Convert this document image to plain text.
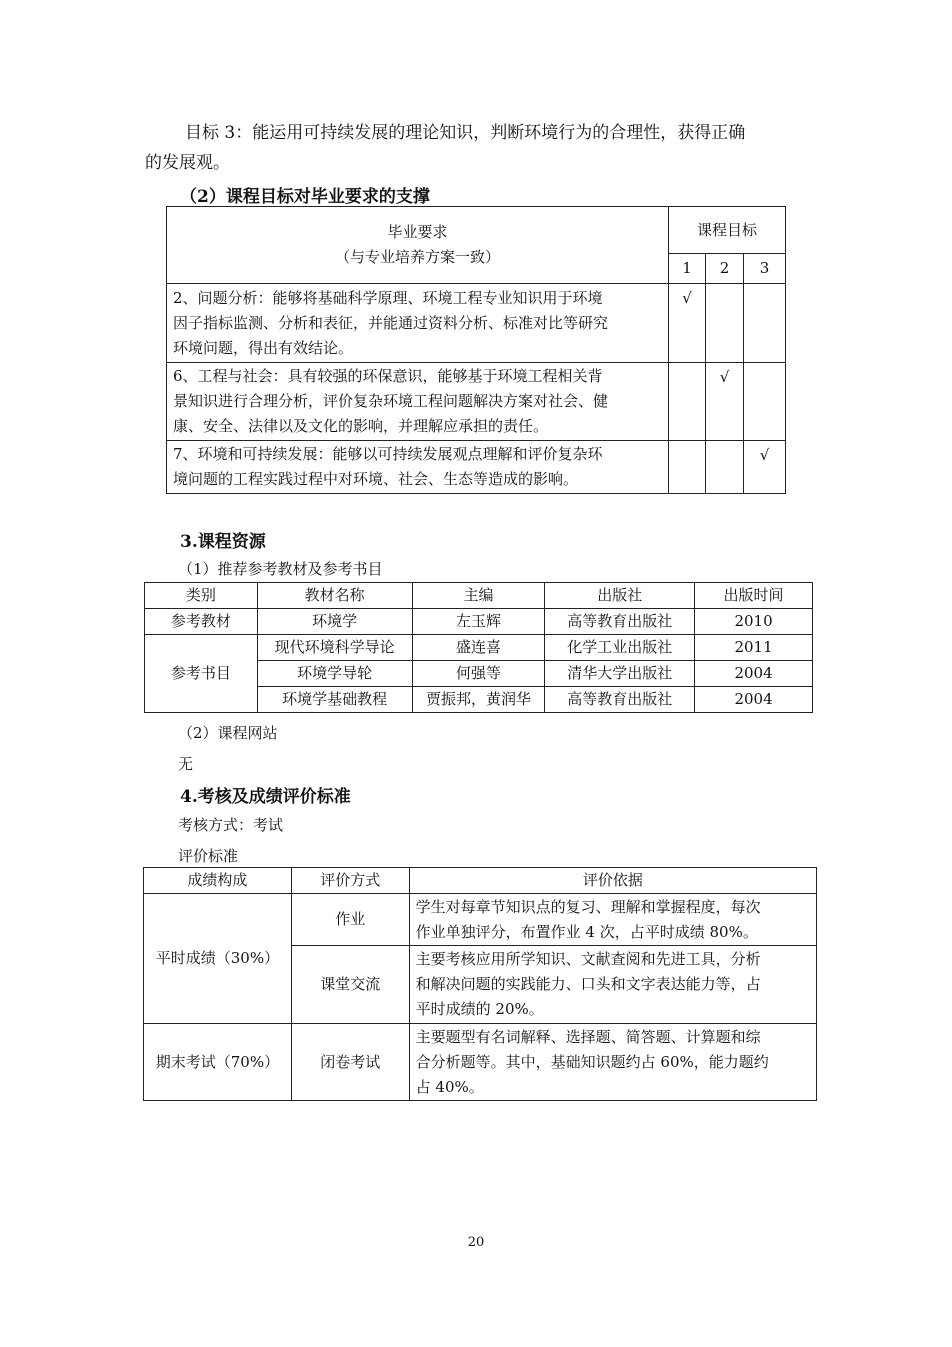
目标 3：能运用可持续发展的理论知识，判断环境行为的合理性，获得正确
的发展观。
（2）课程目标对毕业要求的支撑
毕业要求
（与专业培养方案一致）	课程目标		
	1	2	3

2、问题分析：能够将基础科学原理、环境工程专业知识用于环境
因子指标监测、分析和表征，并能通过资料分析、标准对比等研究
环境问题，得出有效结论。	√		

6、工程与社会：具有较强的环保意识，能够基于环境工程相关背
景知识进行合理分析，评价复杂环境工程问题解决方案对社会、健
康、安全、法律以及文化的影响，并理解应承担的责任。		√	

7、环境和可持续发展：能够以可持续发展观点理解和评价复杂环
境问题的工程实践过程中对环境、社会、生态等造成的影响。			√
3.课程资源
（1）推荐参考教材及参考书目
类别	教材名称	主编	出版社	出版时间
参考教材	环境学	左玉辉	高等教育出版社	2010
参考书目	现代环境科学导论	盛连喜	化学工业出版社	2011
	环境学导轮	何强等	清华大学出版社	2004
	环境学基础教程	贾振邦，黄润华	高等教育出版社	2004
（2）课程网站
无
4.考核及成绩评价标准
考核方式：考试
评价标准
成绩构成	评价方式	评价依据
平时成绩（30%）	作业	学生对每章节知识点的复习、理解和掌握程度，每次
作业单独评分，布置作业 4 次，占平时成绩 80%。

	课堂交流	主要考核应用所学知识、文献查阅和先进工具，分析
和解决问题的实践能力、口头和文字表达能力等，占
平时成绩的 20%。

期末考试（70%）	闭卷考试	主要题型有名词解释、选择题、简答题、计算题和综
合分析题等。其中，基础知识题约占 60%，能力题约
占 40%。
20
